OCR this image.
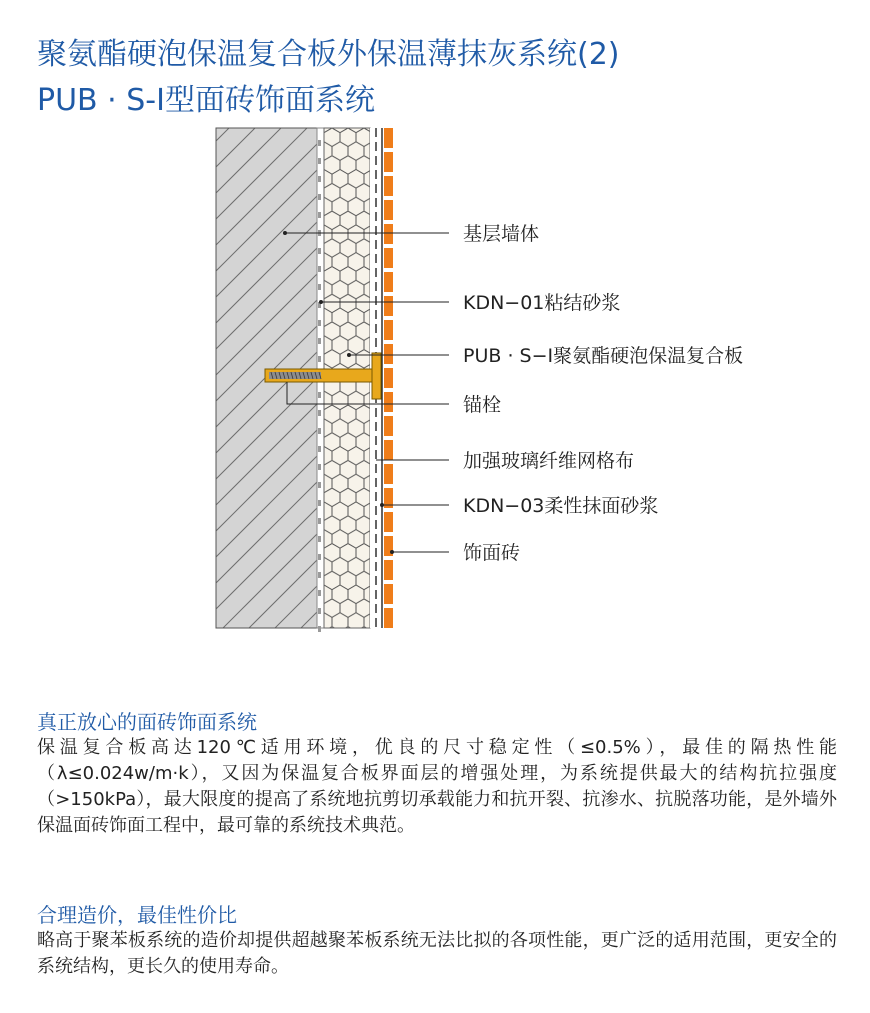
聚氨酯硬泡保温复合板外保温薄抹灰系统(2)
PUB · S-I型面砖饰面系统
基层墙体
KDN−01粘结砂浆
PUB · S−I聚氨酯硬泡保温复合板
锚栓
加强玻璃纤维网格布
KDN−03柔性抹面砂浆
饰面砖
真正放心的面砖饰面系统

保温复合板高达120℃适用环境，优良的尺寸稳定性（≤0.5%），最佳的隔热性能（λ≤0.024w/m·k），又因为保温复合板界面层的增强处理，为系统提供最大的结构抗拉强度（>150kPa），最大限度的提高了系统地抗剪切承载能力和抗开裂、抗渗水、抗脱落功能，是外墙外保温面砖饰面工程中，最可靠的系统技术典范。

合理造价，最佳性价比

略高于聚苯板系统的造价却提供超越聚苯板系统无法比拟的各项性能，更广泛的适用范围，更安全的系统结构，更长久的使用寿命。
